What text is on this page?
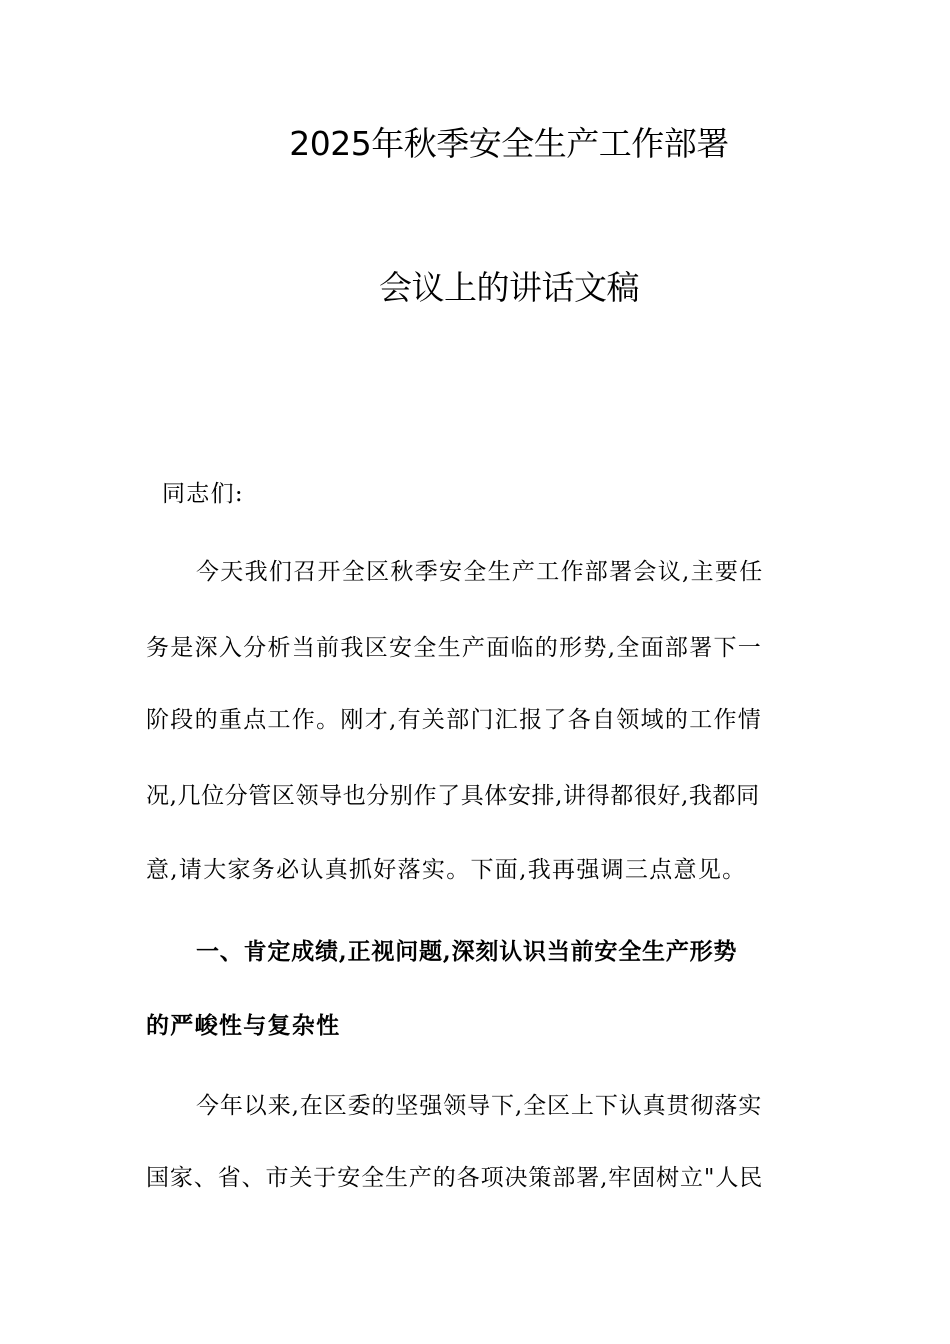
2025年秋季安全生产工作部署
会议上的讲话文稿
同志们:
今天我们召开全区秋季安全生产工作部署会议,主要任
务是深入分析当前我区安全生产面临的形势,全面部署下一
阶段的重点工作。刚才,有关部门汇报了各自领域的工作情
况,几位分管区领导也分别作了具体安排,讲得都很好,我都同
意,请大家务必认真抓好落实。下面,我再强调三点意见。
一、肯定成绩,正视问题,深刻认识当前安全生产形势
的严峻性与复杂性
今年以来,在区委的坚强领导下,全区上下认真贯彻落实
国家、省、市关于安全生产的各项决策部署,牢固树立"人民
